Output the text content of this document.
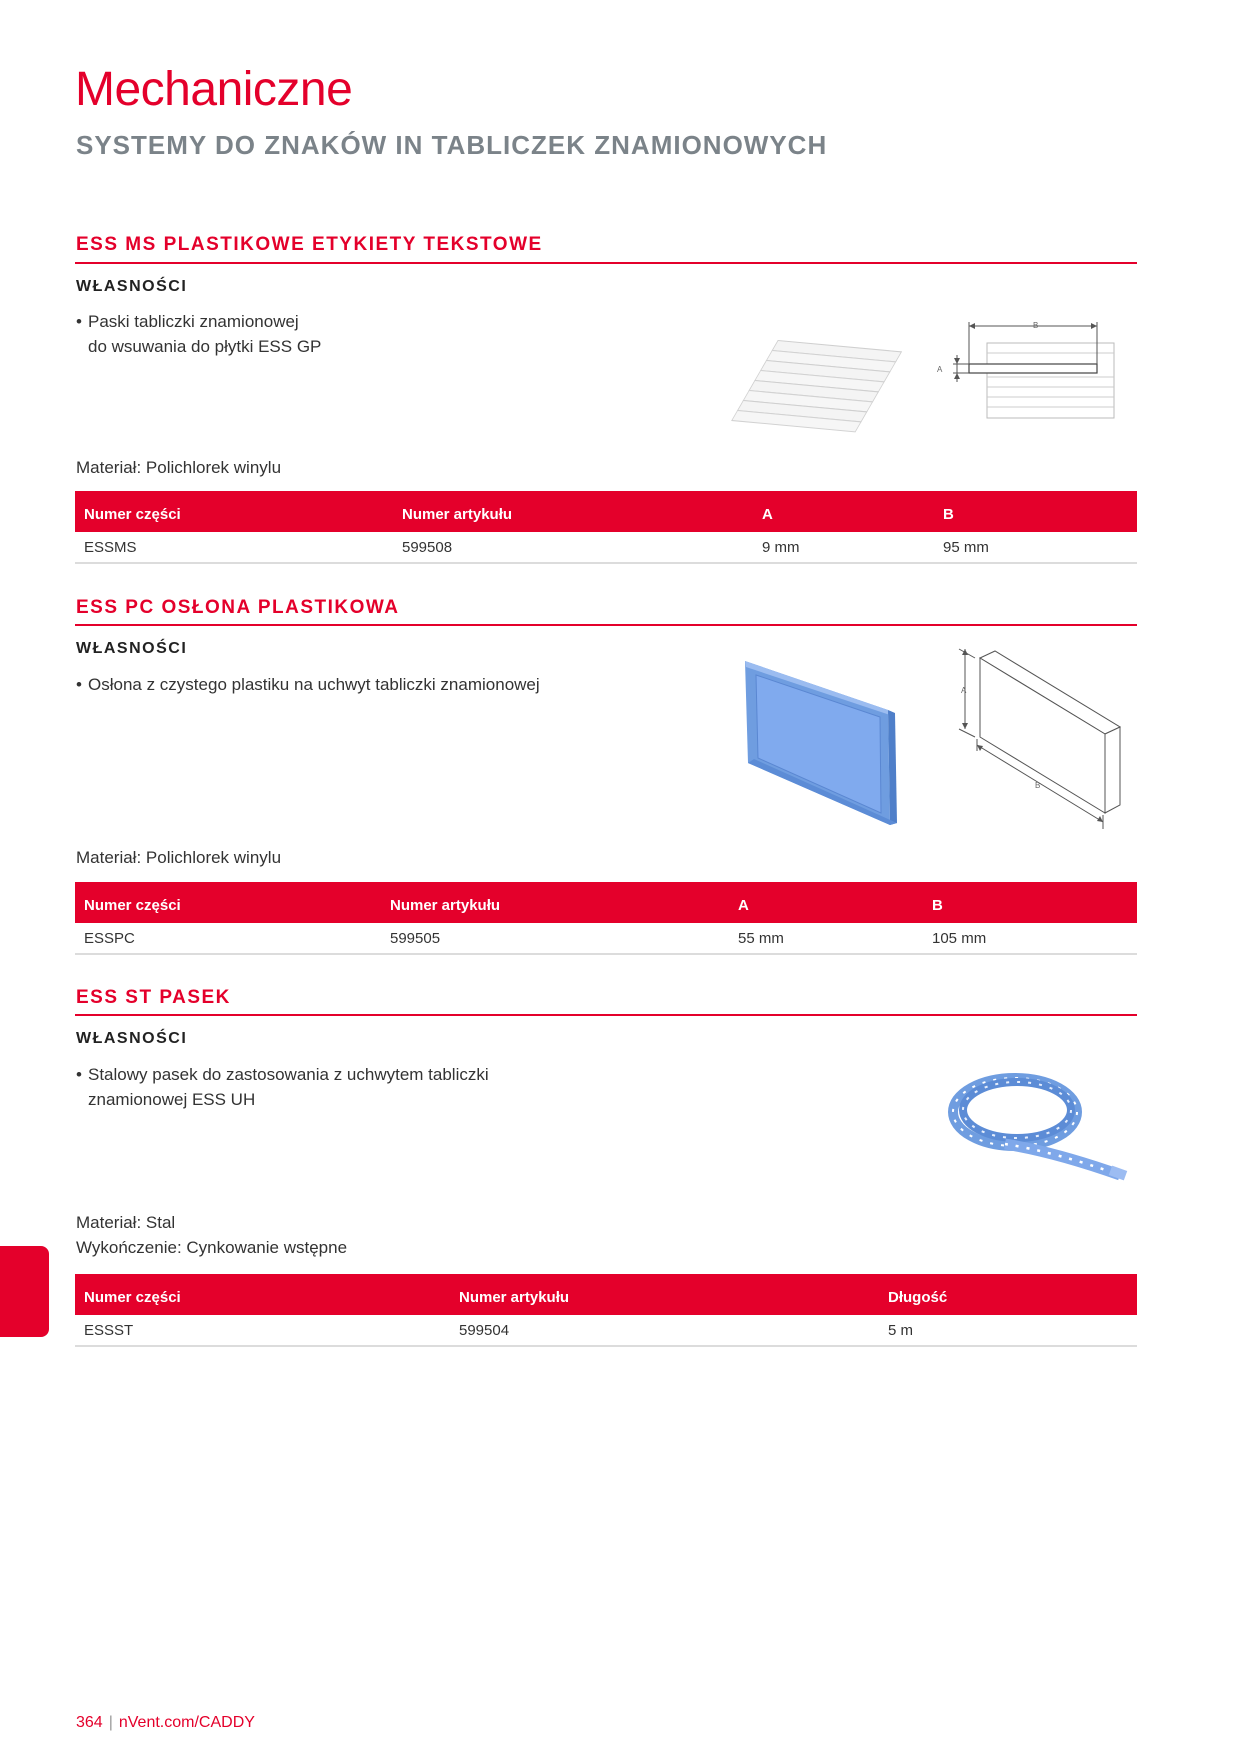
Mechaniczne
SYSTEMY DO ZNAKÓW IN TABLICZEK ZNAMIONOWYCH
ESS MS PLASTIKOWE ETYKIETY TEKSTOWE
WŁASNOŚCI
• Paski tabliczki znamionowej
do wsuwania do płytki ESS GP
B
A
Materiał: Polichlorek winylu
Numer części	Numer artykułu	A	B
ESSMS	599508	9 mm	95 mm
ESS PC OSŁONA PLASTIKOWA
WŁASNOŚCI
• Osłona z czystego plastiku na uchwyt tabliczki znamionowej	A
B
Materiał: Polichlorek winylu
Numer części	Numer artykułu	A	B
ESSPC	599505	55 mm	105 mm
ESS ST PASEK
WŁASNOŚCI
• Stalowy pasek do zastosowania z uchwytem tabliczki
znamionowej ESS UH
Materiał: Stal
Wykończenie: Cynkowanie wstępne
Numer części	Numer artykułu	Długość
ESSST	599504	5 m
364 | nVent.com/CADDY
